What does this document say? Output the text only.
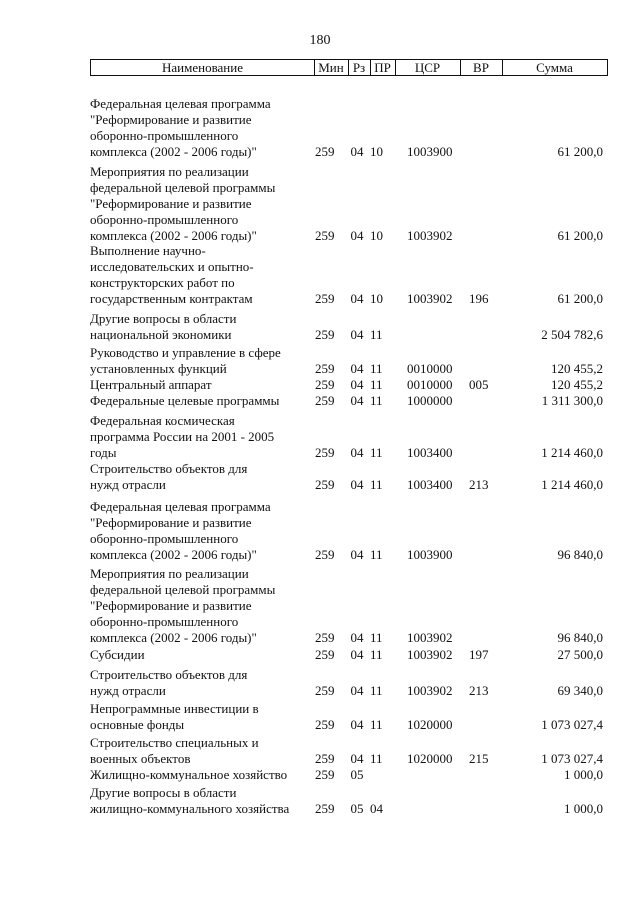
180
Наименование	Мин Рз ПР	ЦСР	ВР	Сумма
Федеральная целевая программа
"Реформирование и развитие
оборонно-промышленного
комплекса (2002 - 2006 годы)"	259	04 10	1003900	61 200,0
Мероприятия по реализации
федеральной целевой программы
"Реформирование и развитие
оборонно-промышленного
комплекса (2002 - 2006 годы)"	259	04 10	1003902	61 200,0
Выполнение научно-
исследовательских и опытно-
конструкторских работ по
государственным контрактам	259	04 10	1003902	196	61 200,0
Другие вопросы в области
национальной экономики	259	04 11	2 504 782,6
Руководство и управление в сфере
установленных функций	259	04 11	0010000	120 455,2
Центральный аппарат	259	04 11	0010000	005	120 455,2
Федеральные целевые программы	259	04 11	1000000	1 311 300,0
Федеральная космическая
программа России на 2001 - 2005
годы	259	04 11	1003400	1 214 460,0
Строительство объектов для
нужд отрасли	259	04 11	1003400	213	1 214 460,0
Федеральная целевая программа
"Реформирование и развитие
оборонно-промышленного
комплекса (2002 - 2006 годы)"	259	04 11	1003900	96 840,0
Мероприятия по реализации
федеральной целевой программы
"Реформирование и развитие
оборонно-промышленного
комплекса (2002 - 2006 годы)"	259	04 11	1003902	96 840,0
Субсидии	259	04 11	1003902	197	27 500,0
Строительство объектов для
нужд отрасли	259	04 11	1003902	213	69 340,0
Непрограммные инвестиции в
основные фонды	259	04 11	1020000	1 073 027,4
Строительство специальных и
военных объектов	259	04 11	1020000	215	1 073 027,4
Жилищно-коммунальное хозяйство	259	05	1 000,0
Другие вопросы в области
жилищно-коммунального хозяйства	259	05 04	1 000,0
